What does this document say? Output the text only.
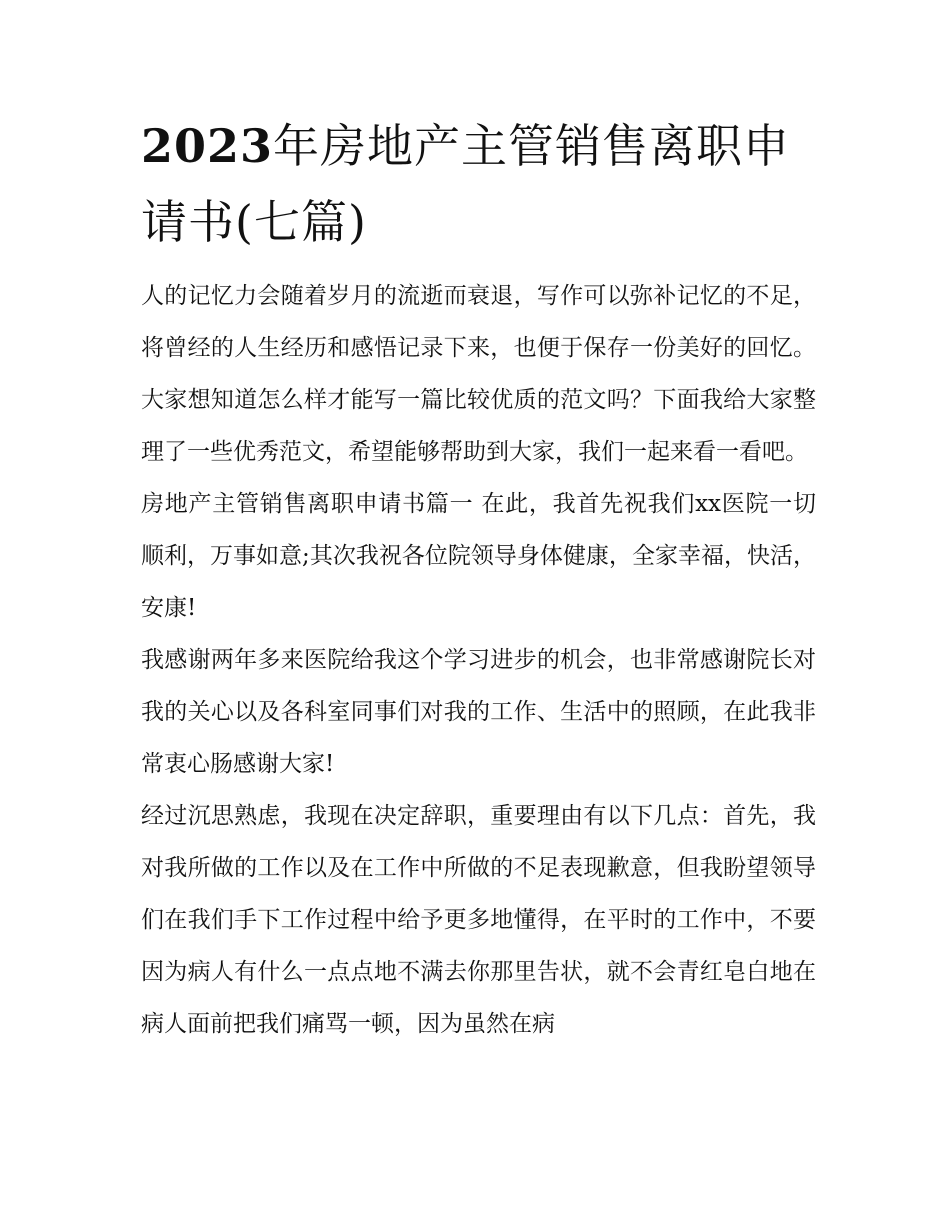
2023年房地产主管销售离职申请书(七篇)

人的记忆力会随着岁月的流逝而衰退，写作可以弥补记忆的不足，将曾经的人生经历和感悟记录下来，也便于保存一份美好的回忆。大家想知道怎么样才能写一篇比较优质的范文吗？下面我给大家整理了一些优秀范文，希望能够帮助到大家，我们一起来看一看吧。

房地产主管销售离职申请书篇一 在此，我首先祝我们xx医院一切顺利，万事如意;其次我祝各位院领导身体健康，全家幸福，快活，安康!

我感谢两年多来医院给我这个学习进步的机会，也非常感谢院长对我的关心以及各科室同事们对我的工作、生活中的照顾，在此我非常衷心肠感谢大家!

经过沉思熟虑，我现在决定辞职，重要理由有以下几点：首先，我对我所做的工作以及在工作中所做的不足表现歉意，但我盼望领导们在我们手下工作过程中给予更多地懂得，在平时的工作中，不要因为病人有什么一点点地不满去你那里告状，就不会青红皂白地在病人面前把我们痛骂一顿，因为虽然在病
